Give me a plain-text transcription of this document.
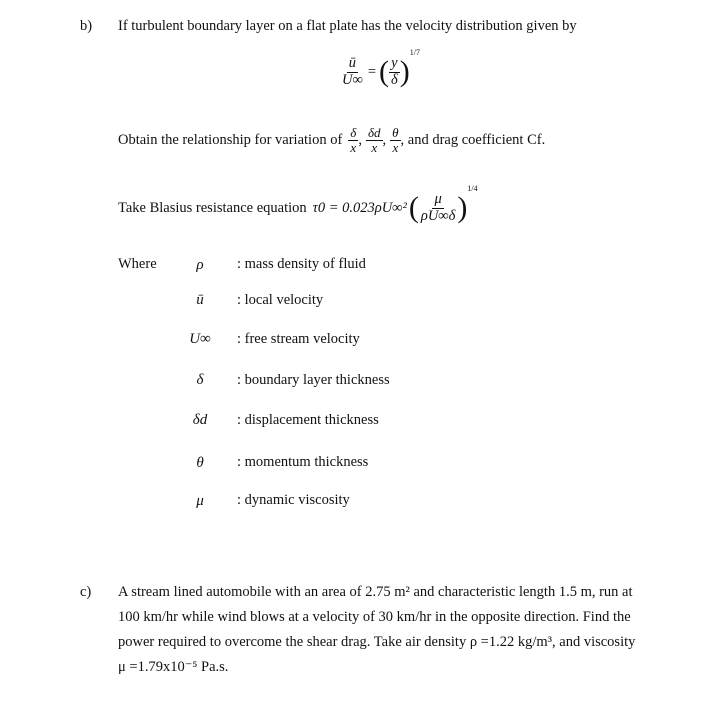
b) If turbulent boundary layer on a flat plate has the velocity distribution given by
$\frac{ū}{U\infty}$ = ( $\frac{y}{\delta}$ )
1/7
Obtain the relationship for variation of $\frac{\delta}{x}$ , $\frac{\delta d}{x}$ , $\frac{\theta}{x}$ , and drag coefficient Cf.
Take Blasius resistance equation τ0 = 0.023ρU∞² ( $\frac{\mu}{\rho U\infty\delta}$ )
1/4
Where	ρ	: mass density of fluid
ū	: local velocity
U∞ : free stream velocity
δ	: boundary layer thickness
δd	: displacement thickness
θ	: momentum thickness
μ	: dynamic viscosity
c) A stream lined automobile with an area of 2.75 m² and characteristic length 1.5 m, run at
100 km/hr while wind blows at a velocity of 30 km/hr in the opposite direction. Find the
power required to overcome the shear drag. Take air density ρ =1.22 kg/m³, and viscosity
μ =1.79x10⁻⁵ Pa.s.
